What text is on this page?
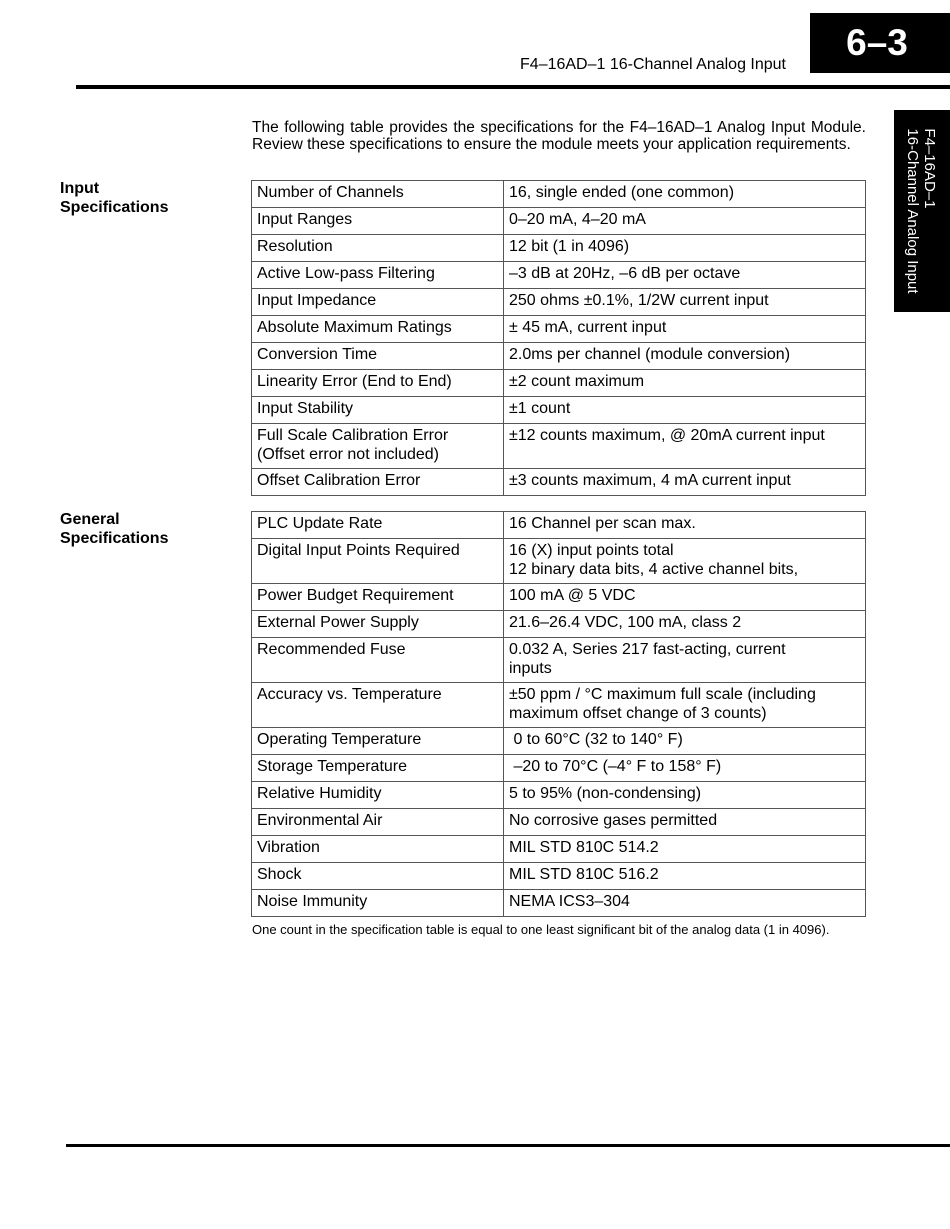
F4–16AD–1 16-Channel Analog Input
6–3
F4–16AD–1
16-Channel Analog Input
The following table provides the specifications for the F4–16AD–1 Analog Input Module. Review these specifications to ensure the module meets your application requirements.
Input
Specifications
Number of Channels	16, single ended (one common)

Input Ranges	0–20 mA, 4–20 mA

Resolution	12 bit (1 in 4096)

Active Low-pass Filtering	–3 dB at 20Hz, –6 dB per octave

Input Impedance	250 ohms ±0.1%, 1/2W current input

Absolute Maximum Ratings	± 45 mA, current input

Conversion Time	2.0ms per channel (module conversion)

Linearity Error (End to End)	±2 count maximum

Input Stability	±1 count

Full Scale Calibration Error
(Offset error not included)	±12 counts maximum, @ 20mA current input

Offset Calibration Error	±3 counts maximum, 4 mA current input
General
Specifications
PLC Update Rate	16 Channel per scan max.

Digital Input Points Required	16 (X) input points total
12 binary data bits, 4 active channel bits,

Power Budget Requirement	100 mA @ 5 VDC

External Power Supply	21.6–26.4 VDC, 100 mA, class 2

Recommended Fuse	0.032 A, Series 217 fast-acting, current
inputs

Accuracy vs. Temperature	±50 ppm / °C maximum full scale (including
maximum offset change of 3 counts)

Operating Temperature	0 to 60°C (32 to 140° F)

Storage Temperature	–20 to 70°C (–4° F to 158° F)

Relative Humidity	5 to 95% (non-condensing)

Environmental Air	No corrosive gases permitted

Vibration	MIL STD 810C 514.2

Shock	MIL STD 810C 516.2

Noise Immunity	NEMA ICS3–304
One count in the specification table is equal to one least significant bit of the analog data (1 in 4096).
